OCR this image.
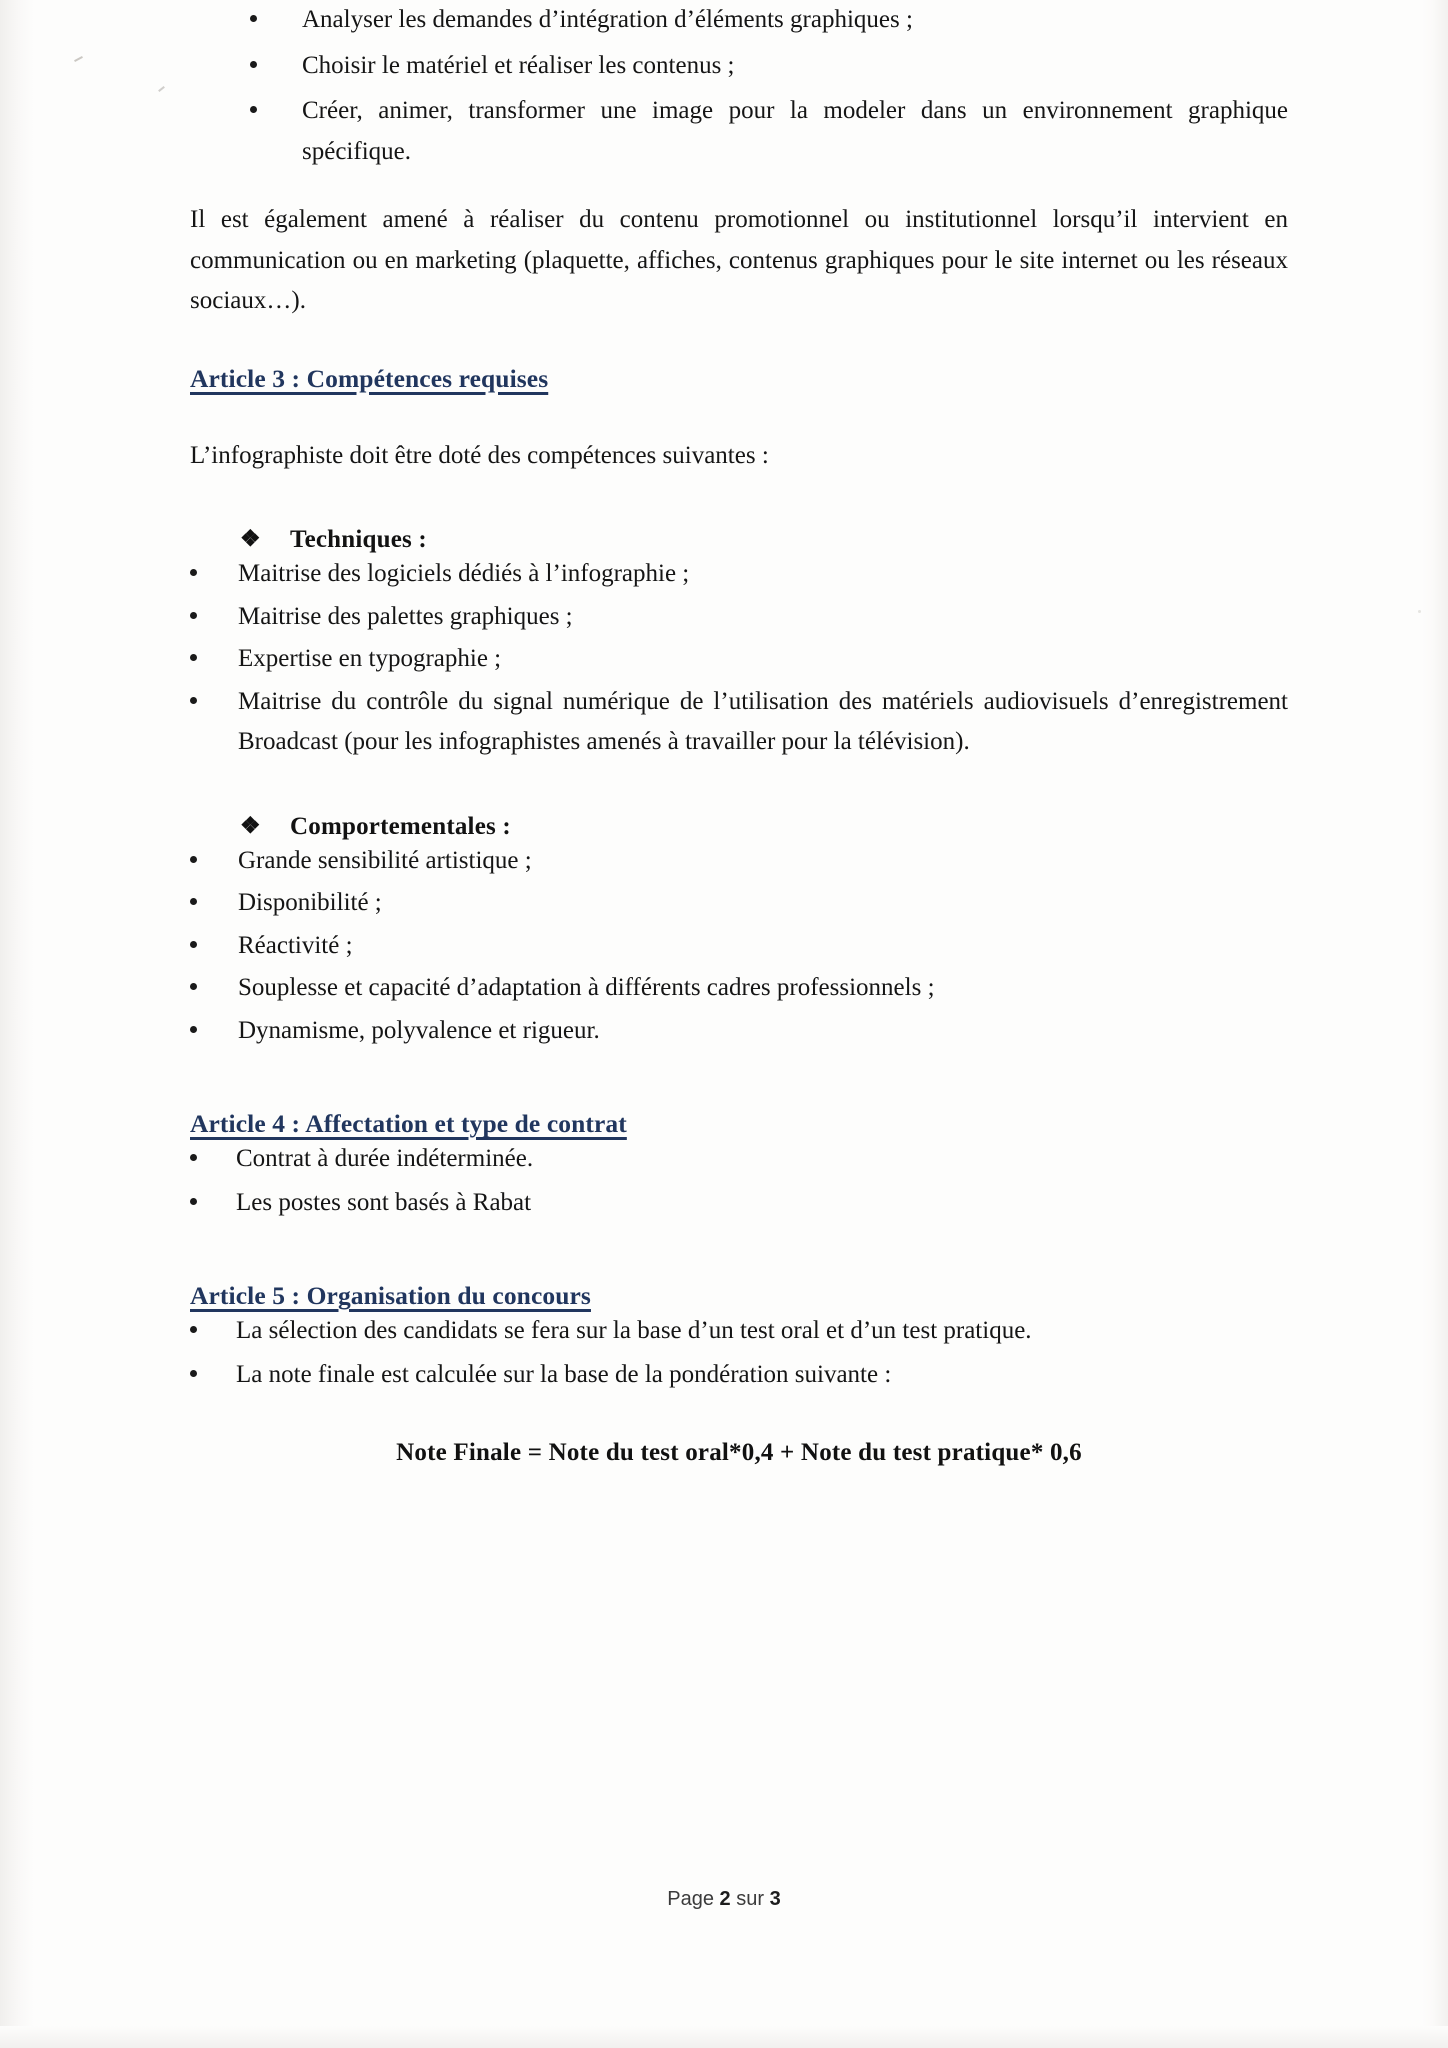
Analyser les demandes d’intégration d’éléments graphiques ;
Choisir le matériel et réaliser les contenus ;
Créer, animer, transformer une image pour la modeler dans un environnement graphique spécifique.

Il est également amené à réaliser du contenu promotionnel ou institutionnel lorsqu’il intervient en communication ou en marketing (plaquette, affiches, contenus graphiques pour le site internet ou les réseaux sociaux…).

Article 3 : Compétences requises

L’infographiste doit être doté des compétences suivantes :

❖ Techniques :
Maitrise des logiciels dédiés à l’infographie ;
Maitrise des palettes graphiques ;
Expertise en typographie ;
Maitrise du contrôle du signal numérique de l’utilisation des matériels audiovisuels d’enregistrement Broadcast (pour les infographistes amenés à travailler pour la télévision).
❖ Comportementales :
Grande sensibilité artistique ;
Disponibilité ;
Réactivité ;
Souplesse et capacité d’adaptation à différents cadres professionnels ;
Dynamisme, polyvalence et rigueur.
Article 4 : Affectation et type de contrat
Contrat à durée indéterminée.
Les postes sont basés à Rabat
Article 5 : Organisation du concours
La sélection des candidats se fera sur la base d’un test oral et d’un test pratique.
La note finale est calculée sur la base de la pondération suivante :
Note Finale = Note du test oral*0,4 + Note du test pratique* 0,6
Page 2 sur 3
